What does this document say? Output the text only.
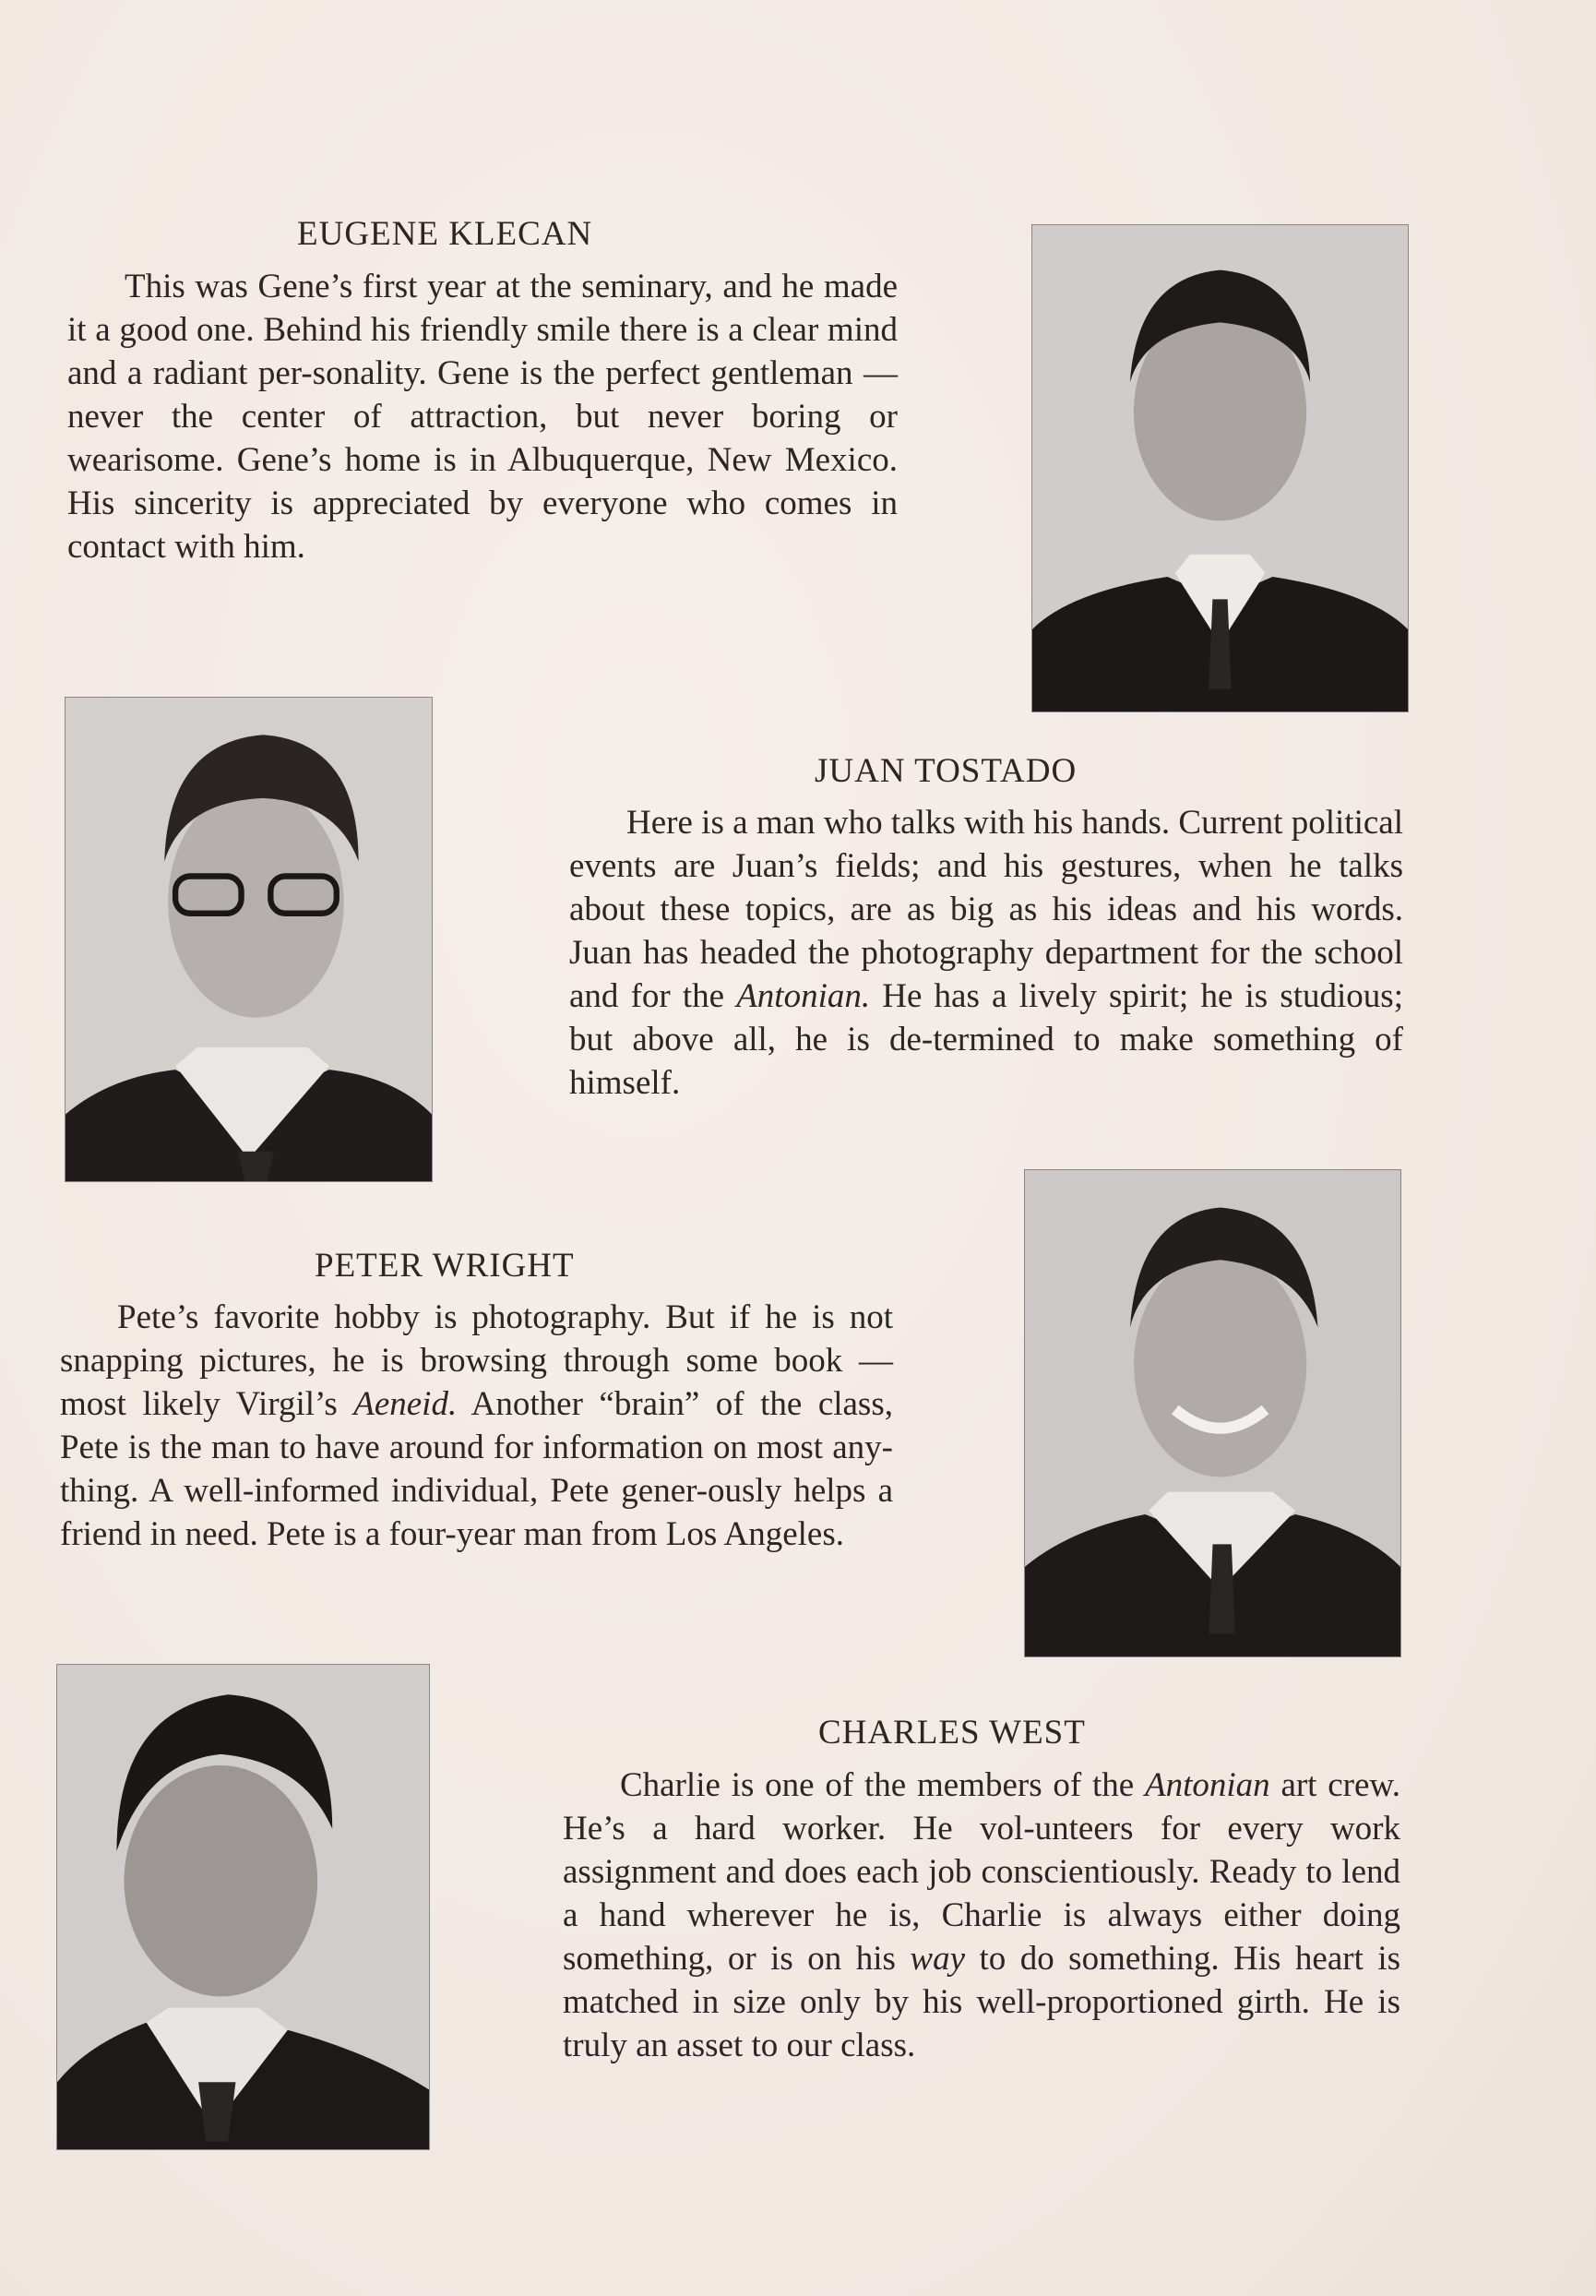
EUGENE KLECAN

This was Gene’s first year at the seminary, and he made it a good one. Behind his friendly smile there is a clear mind and a radiant per-sonality. Gene is the perfect gentleman — never the center of attraction, but never boring or wearisome. Gene’s home is in Albuquerque, New Mexico. His sincerity is appreciated by everyone who comes in contact with him.

JUAN TOSTADO

Here is a man who talks with his hands. Current political events are Juan’s fields; and his gestures, when he talks about these topics, are as big as his ideas and his words. Juan has headed the photography department for the school and for the Antonian. He has a lively spirit; he is studious; but above all, he is de-termined to make something of himself.

PETER WRIGHT

Pete’s favorite hobby is photography. But if he is not snapping pictures, he is browsing through some book — most likely Virgil’s Aeneid. Another “brain” of the class, Pete is the man to have around for information on most any-thing. A well-informed individual, Pete gener-ously helps a friend in need. Pete is a four-year man from Los Angeles.

CHARLES WEST

Charlie is one of the members of the Antonian art crew. He’s a hard worker. He vol-unteers for every work assignment and does each job conscientiously. Ready to lend a hand wherever he is, Charlie is always either doing something, or is on his way to do something. His heart is matched in size only by his well-proportioned girth. He is truly an asset to our class.
